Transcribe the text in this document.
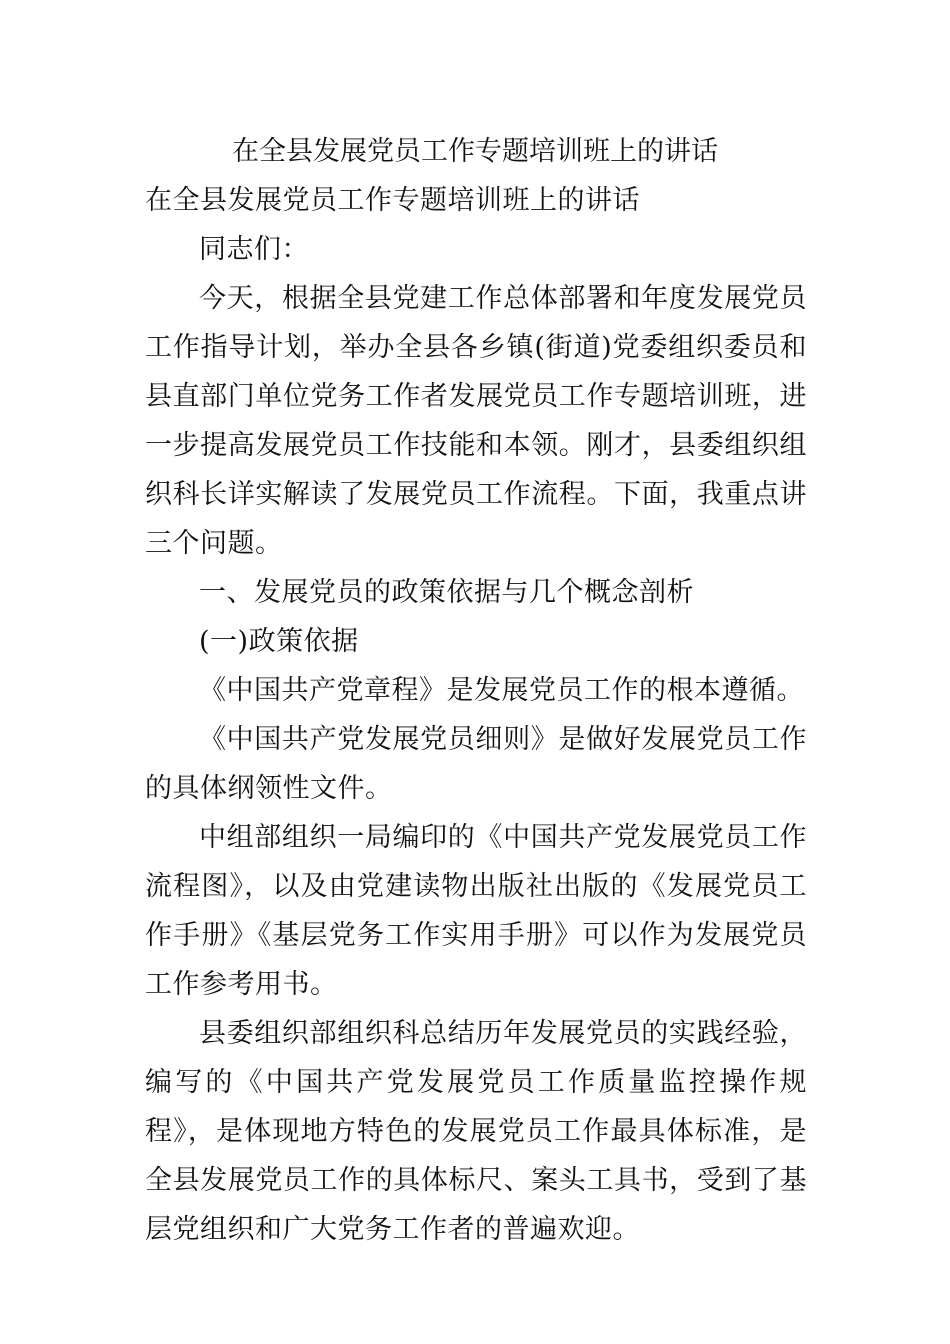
在全县发展党员工作专题培训班上的讲话
在全县发展党员工作专题培训班上的讲话

同志们：

今天，根据全县党建工作总体部署和年度发展党员工作指导计划，举办全县各乡镇(街道)党委组织委员和县直部门单位党务工作者发展党员工作专题培训班，进一步提高发展党员工作技能和本领。刚才，县委组织组织科长详实解读了发展党员工作流程。下面，我重点讲三个问题。

一、发展党员的政策依据与几个概念剖析

(一)政策依据

《中国共产党章程》是发展党员工作的根本遵循。

《中国共产党发展党员细则》是做好发展党员工作的具体纲领性文件。

中组部组织一局编印的《中国共产党发展党员工作流程图》，以及由党建读物出版社出版的《发展党员工作手册》《基层党务工作实用手册》可以作为发展党员工作参考用书。

县委组织部组织科总结历年发展党员的实践经验，编写的《中国共产党发展党员工作质量监控操作规程》，是体现地方特色的发展党员工作最具体标准，是全县发展党员工作的具体标尺、案头工具书，受到了基层党组织和广大党务工作者的普遍欢迎。
